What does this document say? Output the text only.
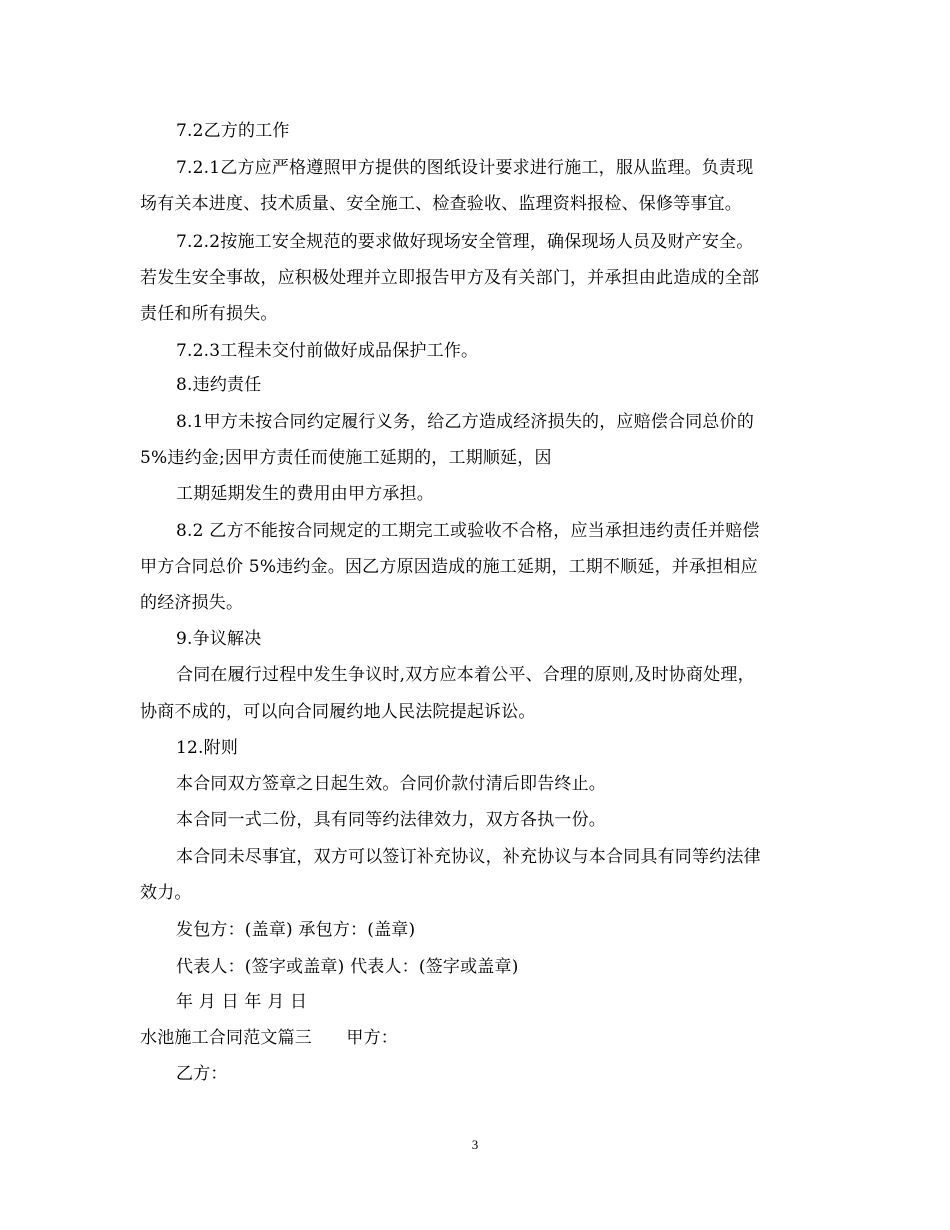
7.2乙方的工作
7.2.1乙方应严格遵照甲方提供的图纸设计要求进行施工，服从监理。负责现
场有关本进度、技术质量、安全施工、检查验收、监理资料报检、保修等事宜。
7.2.2按施工安全规范的要求做好现场安全管理，确保现场人员及财产安全。
若发生安全事故，应积极处理并立即报告甲方及有关部门，并承担由此造成的全部
责任和所有损失。
7.2.3工程未交付前做好成品保护工作。
8.违约责任
8.1甲方未按合同约定履行义务，给乙方造成经济损失的，应赔偿合同总价的
5%违约金;因甲方责任而使施工延期的，工期顺延，因
工期延期发生的费用由甲方承担。
8.2 乙方不能按合同规定的工期完工或验收不合格，应当承担违约责任并赔偿
甲方合同总价 5%违约金。因乙方原因造成的施工延期，工期不顺延，并承担相应
的经济损失。
9.争议解决
合同在履行过程中发生争议时,双方应本着公平、合理的原则,及时协商处理，
协商不成的，可以向合同履约地人民法院提起诉讼。
12.附则
本合同双方签章之日起生效。合同价款付清后即告终止。
本合同一式二份，具有同等约法律效力，双方各执一份。
本合同未尽事宜，双方可以签订补充协议，补充协议与本合同具有同等约法律
效力。
发包方：(盖章) 承包方：(盖章)
代表人：(签字或盖章) 代表人：(签字或盖章)
年 月 日 年 月 日
水池施工合同范文篇三　　甲方：
乙方：
3
